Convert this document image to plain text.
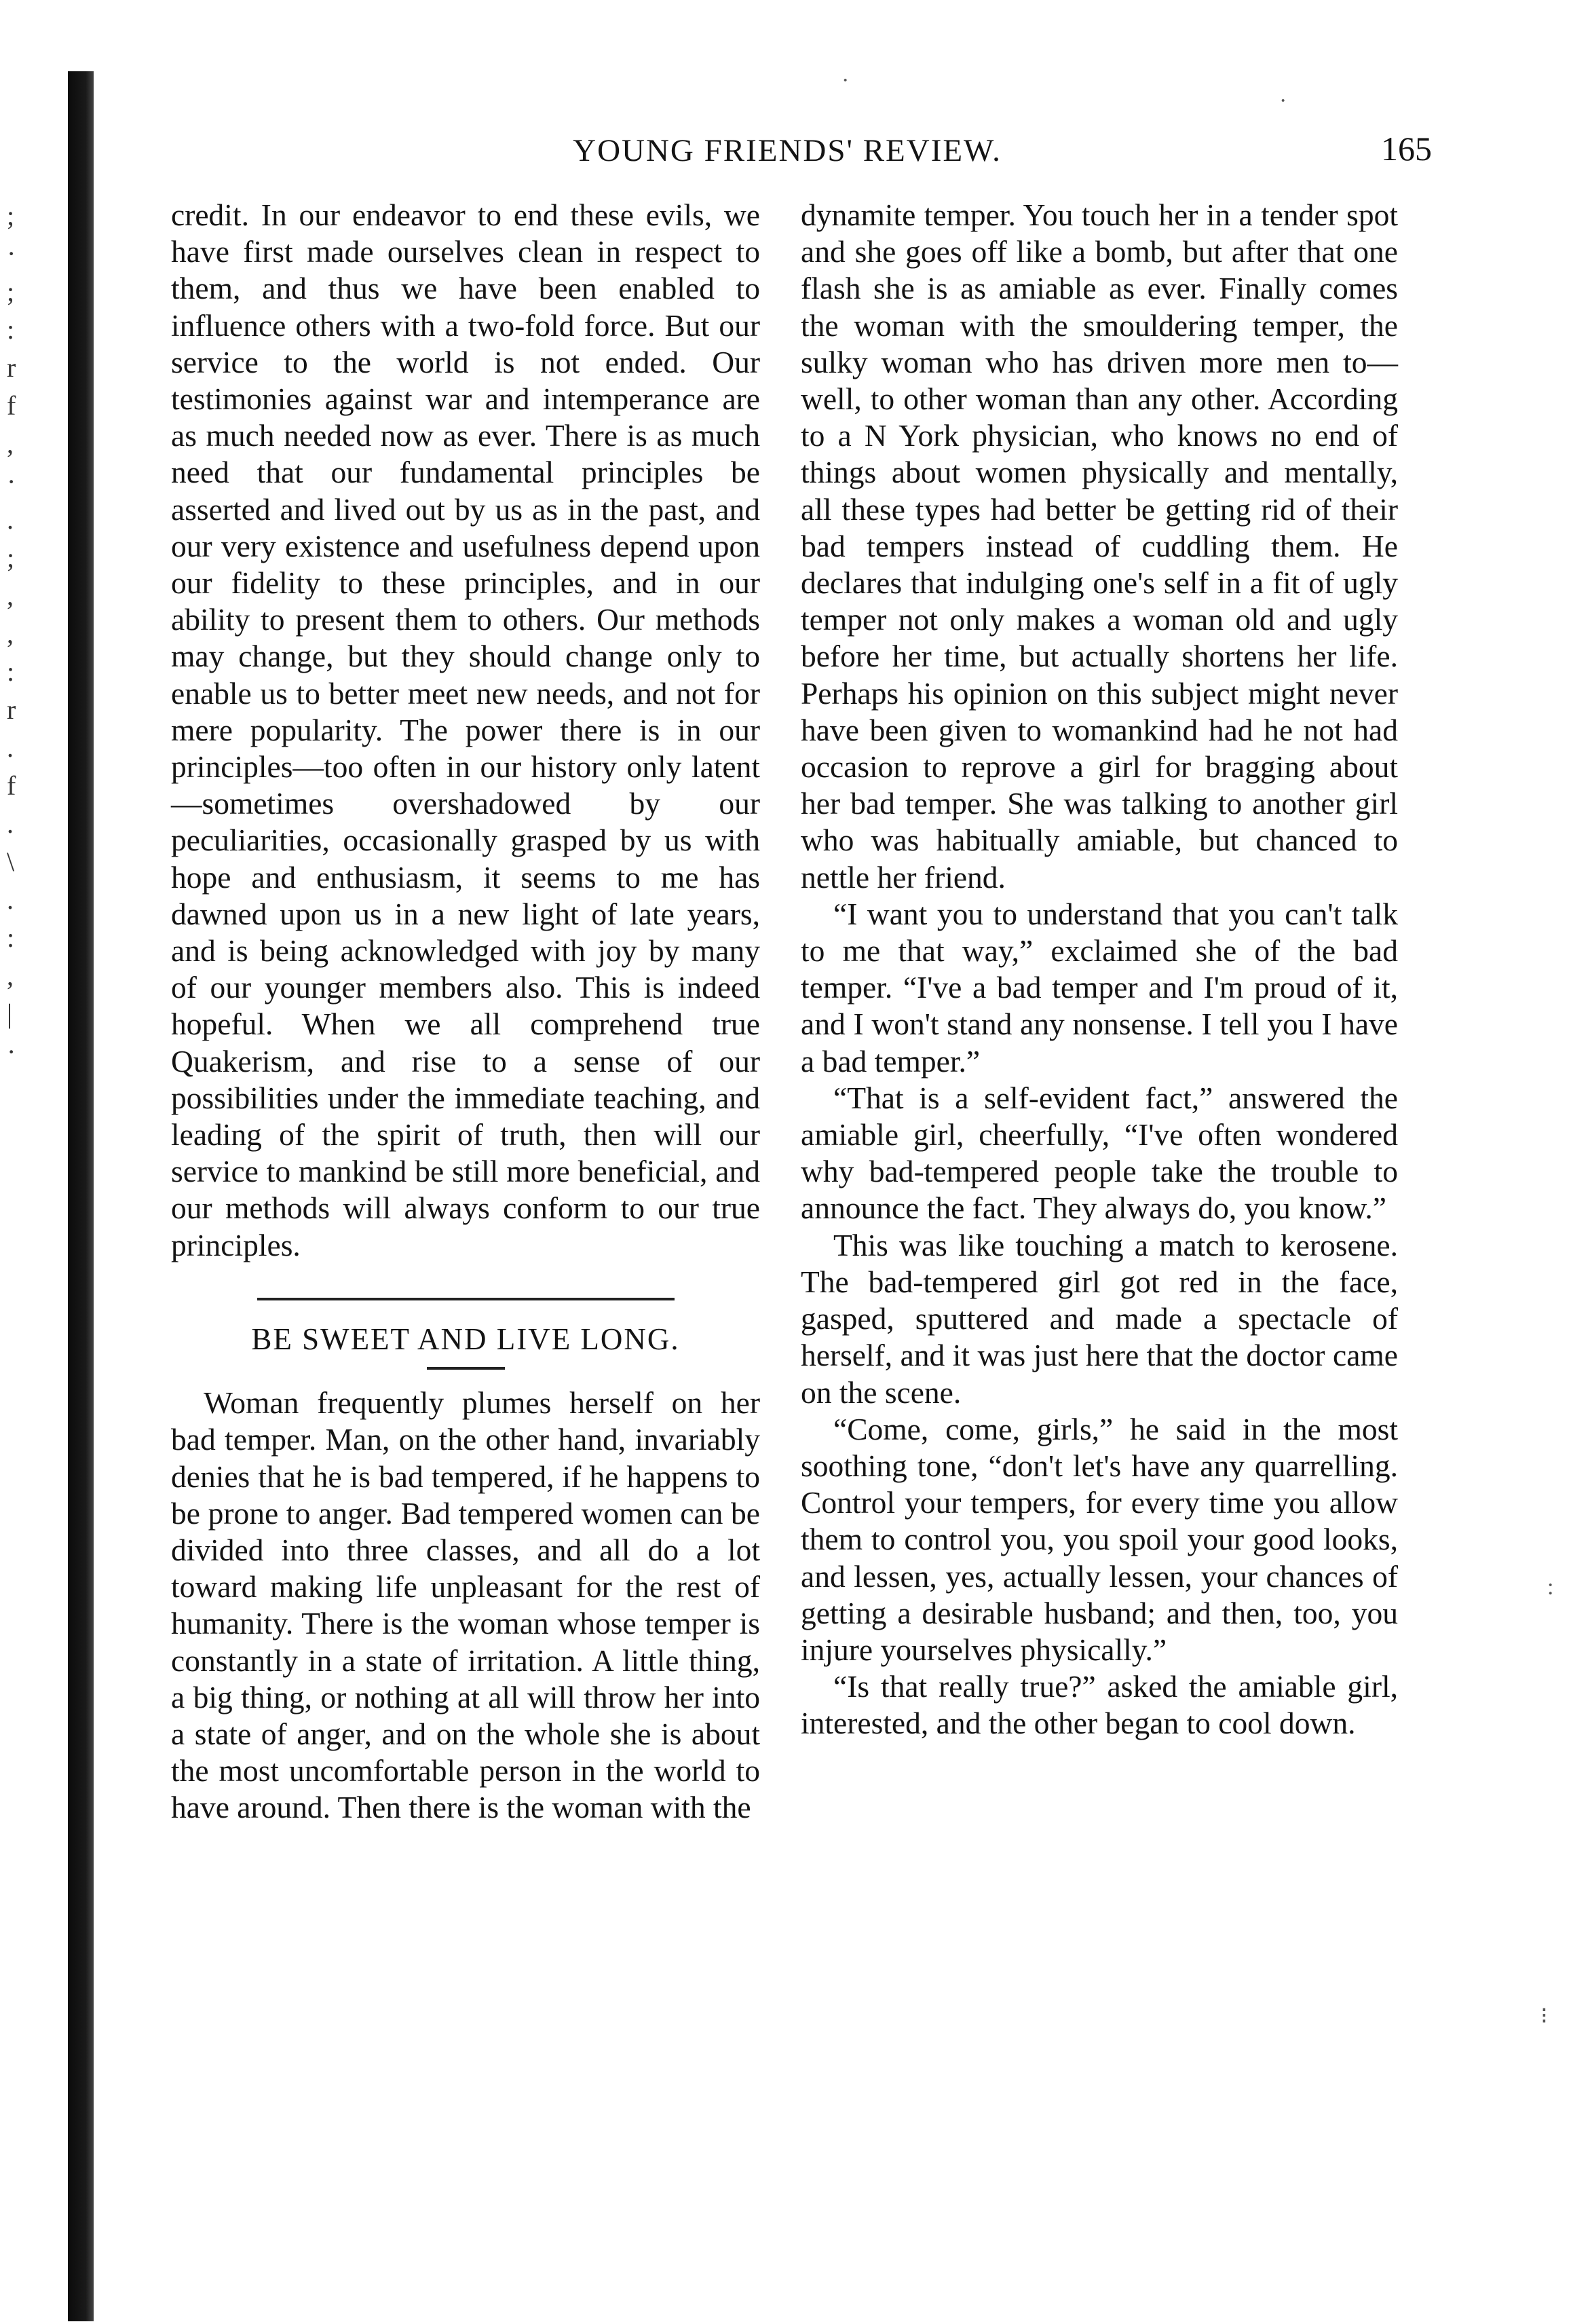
;
·
;
:
r
f
,
·
.
;
,
,
:
r
.
f
.
\
.
:
,
|
·
·
·
:
⁝
YOUNG FRIENDS' REVIEW.	165

credit. In our endeavor to end these evils, we have first made ourselves clean in respect to them, and thus we have been enabled to influence others with a two-fold force. But our service to the world is not ended. Our testimonies against war and intemperance are as much needed now as ever. There is as much need that our fundamental principles be asserted and lived out by us as in the past, and our very existence and usefulness depend upon our fidelity to these principles, and in our ability to present them to others. Our methods may change, but they should change only to enable us to better meet new needs, and not for mere popularity. The power there is in our principles—too often in our history only latent—sometimes overshadowed by our peculiarities, occasionally grasped by us with hope and enthusiasm, it seems to me has dawned upon us in a new light of late years, and is being acknowledged with joy by many of our younger members also. This is indeed hopeful. When we all comprehend true Quakerism, and rise to a sense of our possibilities under the immediate teaching, and leading of the spirit of truth, then will our service to mankind be still more beneficial, and our methods will always conform to our true principles.

BE SWEET AND LIVE LONG.

Woman frequently plumes herself on her bad temper. Man, on the other hand, invariably denies that he is bad tempered, if he happens to be prone to anger. Bad tempered women can be divided into three classes, and all do a lot toward making life unpleasant for the rest of humanity. There is the woman whose temper is constantly in a state of irritation. A little thing, a big thing, or nothing at all will throw her into a state of anger, and on the whole she is about the most uncomfortable person in the world to have around. Then there is the woman with the

dynamite temper. You touch her in a tender spot and she goes off like a bomb, but after that one flash she is as amiable as ever. Finally comes the woman with the smouldering temper, the sulky woman who has driven more men to—well, to other woman than any other. According to a N York physician, who knows no end of things about women physically and mentally, all these types had better be getting rid of their bad tempers instead of cuddling them. He declares that indulging one's self in a fit of ugly temper not only makes a woman old and ugly before her time, but actually shortens her life. Perhaps his opinion on this subject might never have been given to womankind had he not had occasion to reprove a girl for bragging about her bad temper. She was talking to another girl who was habitually amiable, but chanced to nettle her friend.

“I want you to understand that you can't talk to me that way,” exclaimed she of the bad temper. “I've a bad temper and I'm proud of it, and I won't stand any nonsense. I tell you I have a bad temper.”

“That is a self-evident fact,” answered the amiable girl, cheerfully, “I've often wondered why bad-tempered people take the trouble to announce the fact. They always do, you know.”

This was like touching a match to kerosene. The bad-tempered girl got red in the face, gasped, sputtered and made a spectacle of herself, and it was just here that the doctor came on the scene.

“Come, come, girls,” he said in the most soothing tone, “don't let's have any quarrelling. Control your tempers, for every time you allow them to control you, you spoil your good looks, and lessen, yes, actually lessen, your chances of getting a desirable husband; and then, too, you injure yourselves physically.”

“Is that really true?” asked the amiable girl, interested, and the other began to cool down.
